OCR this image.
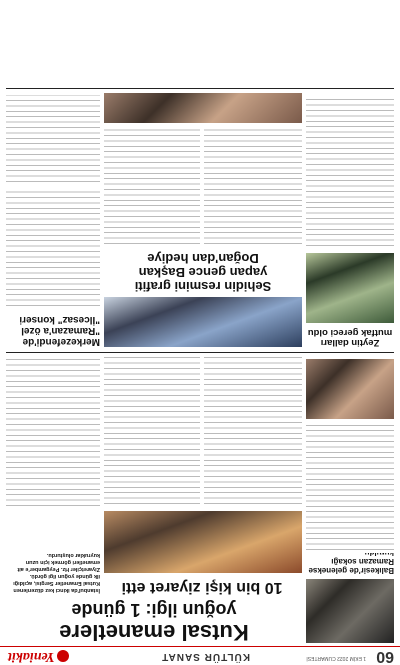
60
1 EKİM 2022 CUMARTESİ
KÜLTÜR SANAT
Yeniakit
Kutsal emanetlere
yoğun ilgi: 1 günde
10 bin kişi ziyaret etti
İstanbul'da ikinci kez düzenlenen Kutsal Emanetler Sergisi, açıldığı ilk günde yoğun ilgi gördü. Ziyaretçiler Hz. Peygamber'e ait emanetleri görmek için uzun kuyruklar oluşturdu.
Balıkesir'de gelenekse
Ramazan sokağı
Merkezefendi'de
"Ramazan'a özel
"İlcesaz" konseri
Sehidin resmini grafiti
yapan gence Başkan
Doğan'dan hediye
Zeytin dalları
mutfak gereci oldu
